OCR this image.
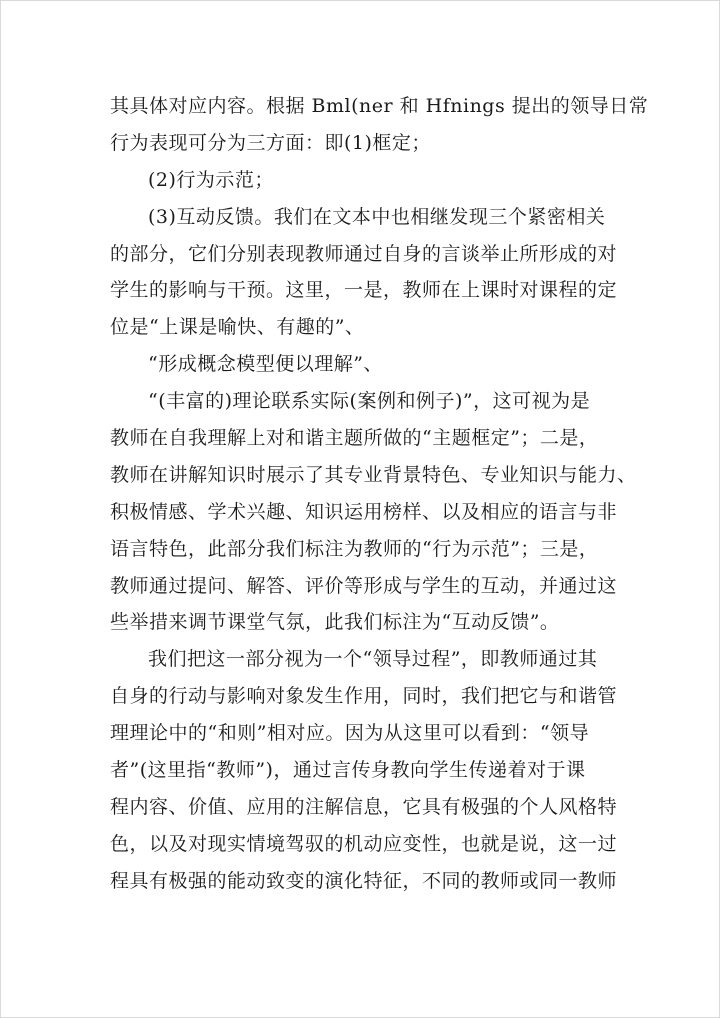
其具体对应内容。根据 Bml(ner 和 Hfnings 提出的领导日常
行为表现可分为三方面：即(1)框定；
(2)行为示范；
(3)互动反馈。我们在文本中也相继发现三个紧密相关
的部分，它们分别表现教师通过自身的言谈举止所形成的对
学生的影响与干预。这里，一是，教师在上课时对课程的定
位是“上课是喻快、有趣的”、
“形成概念模型便以理解”、
“(丰富的)理论联系实际(案例和例子)”，这可视为是
教师在自我理解上对和谐主题所做的“主题框定”；二是，
教师在讲解知识时展示了其专业背景特色、专业知识与能力、
积极情感、学术兴趣、知识运用榜样、以及相应的语言与非
语言特色，此部分我们标注为教师的“行为示范”；三是，
教师通过提问、解答、评价等形成与学生的互动，并通过这
些举措来调节课堂气氛，此我们标注为“互动反馈”。
我们把这一部分视为一个“领导过程”，即教师通过其
自身的行动与影响对象发生作用，同时，我们把它与和谐管
理理论中的“和则”相对应。因为从这里可以看到：“领导
者”(这里指“教师”)，通过言传身教向学生传递着对于课
程内容、价值、应用的注解信息，它具有极强的个人风格特
色，以及对现实情境驾驭的机动应变性，也就是说，这一过
程具有极强的能动致变的演化特征，不同的教师或同一教师
